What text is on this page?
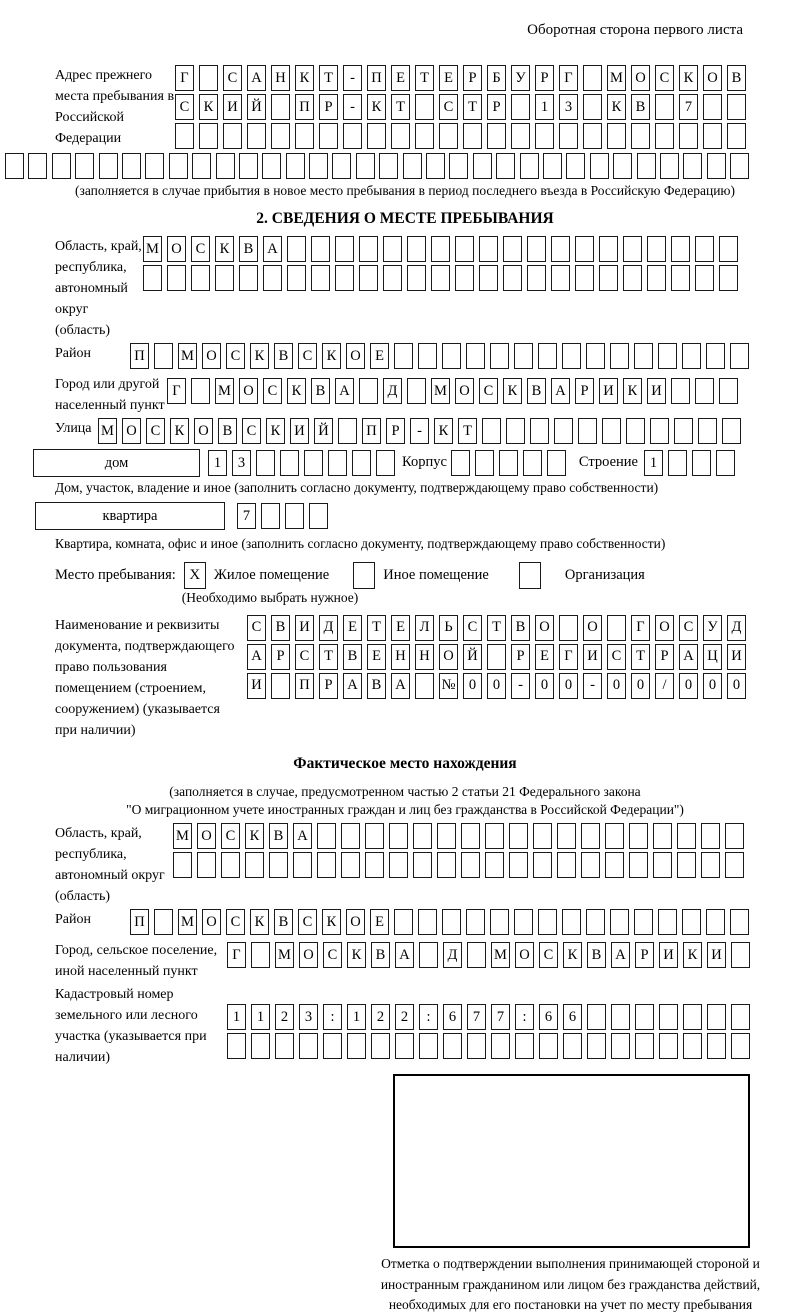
Оборотная сторона первого листа
Адрес прежнего места пребывания в Российской Федерации
Г	С А Н К	Т	-	П Е	Т	Е	Р	Б	У	Р	Г	М О С К О В
С К И Й	П	Р	-	К	Т	С	Т	Р	1	3	К В	7
(заполняется в случае прибытия в новое место пребывания в период последнего въезда в Российскую Федерацию)
2. СВЕДЕНИЯ О МЕСТЕ ПРЕБЫВАНИЯ
Область, край, республика, автономный округ (область)
М О С К В А
Район	П	М О С К В С К О Е
Город или другой населенный пункт
Г	М О С К В А	Д	М О С К В А	Р	И К И
Улица М О С К О В С К И Й	П	Р	-	К	Т
дом	1	3	Корпус	Строение 1
Дом, участок, владение и иное (заполнить согласно документу, подтверждающему право собственности)
квартира	7
Квартира, комната, офис и иное (заполнить согласно документу, подтверждающему право собственности)
Место пребывания: X Жилое помещение	Иное помещение	Организация
(Необходимо выбрать нужное)
Наименование и реквизиты документа, подтверждающего право пользования помещением (строением, сооружением) (указывается при наличии)
С В И Д	Е	Т	Е	Л	Ь	С	Т	В О	О	Г	О С У Д
А	Р	С	Т	В	Е Н Н О Й	Р	Е	Г	И С	Т	Р	А Ц И
И	П	Р	А В А № 0	0	-	0	0	-	0	0	/	0	0	0
Фактическое место нахождения
(заполняется в случае, предусмотренном частью 2 статьи 21 Федерального закона
"О миграционном учете иностранных граждан и лиц без гражданства в Российской Федерации")
Область, край, республика, автономный округ (область)
М О С К В А
Район	П	М О С К В С К О Е
Город, сельское поселение, иной населенный пункт
Г	М О С К В А	Д	М О С К В А	Р	И К И
Кадастровый номер земельного или лесного участка (указывается при наличии)
1	1	2	3	:	1	2	2	:	6	7	7	:	6	6
Отметка о подтверждении выполнения принимающей стороной и иностранным гражданином или лицом без гражданства действий, необходимых для его постановки на учет по месту пребывания
